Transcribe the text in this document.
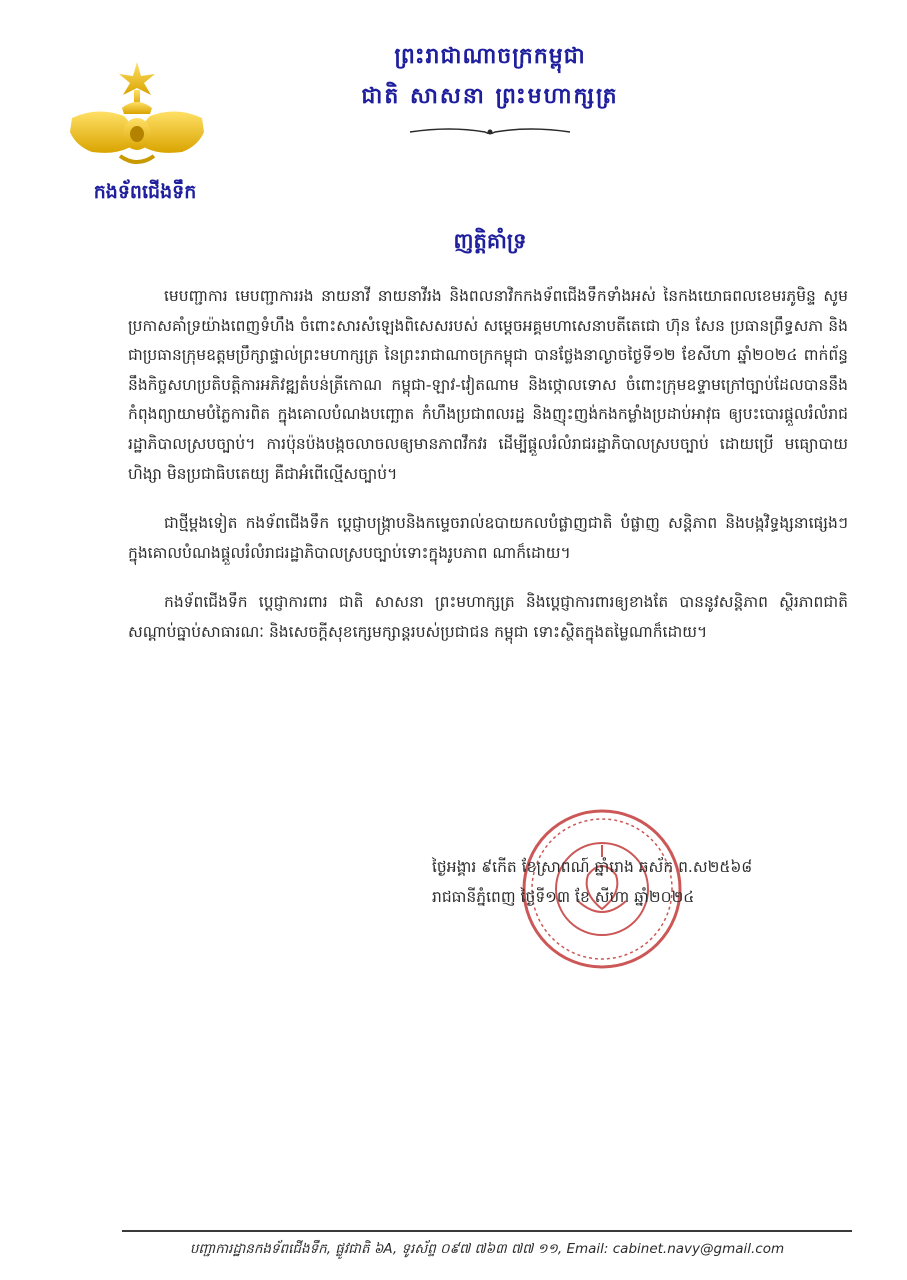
កងទ័ពជើងទឹក
ព្រះរាជាណាចក្រកម្ពុជា
ជាតិ សាសនា ព្រះមហាក្សត្រ
ញត្តិគាំទ្រ

មេបញ្ជាការ មេបញ្ជាការរង នាយនាវី នាយនាវីរង និងពលនាវិកកងទ័ពជើងទឹកទាំងអស់ នៃកងយោធពលខេមរភូមិន្ទ សូមប្រកាសគាំទ្រយ៉ាងពេញទំហឹង ចំពោះសារសំឡេងពិសេសរបស់ សម្តេចអគ្គមហាសេនាបតីតេជោ ហ៊ុន សែន ប្រធានព្រឹទ្ធសភា និងជាប្រធានក្រុមឧត្តមប្រឹក្សាផ្ទាល់ព្រះមហាក្សត្រ នៃព្រះរាជាណាចក្រកម្ពុជា បានថ្លែងនាល្ងាចថ្ងៃទី១២ ខែសីហា ឆ្នាំ២០២៤ ពាក់ព័ន្ធនឹងកិច្ចសហប្រតិបត្តិការអភិវឌ្ឍតំបន់ត្រីកោណ កម្ពុជា-ឡាវ-វៀតណាម និងថ្កោលទោស ចំពោះក្រុមឧទ្ទាមក្រៅច្បាប់ដែលបាននឹងកំពុងព្យាយាមបំភ្លៃការពិត ក្នុងគោលបំណងបញ្ឆោត កំហឹងប្រជាពលរដ្ឋ និងញុះញង់កងកម្លាំងប្រដាប់អាវុធ ឲ្យបះបោរផ្តួលរំលំរាជរដ្ឋាភិបាលស្របច្បាប់។ ការប៉ុនប៉ងបង្កចលាចលឲ្យមានភាពវឹកវរ ដើម្បីផ្តួលរំលំរាជរដ្ឋាភិបាលស្របច្បាប់ ដោយប្រើ មធ្យោបាយហិង្សា មិនប្រជាធិបតេយ្យ គឺជាអំពើល្មើសច្បាប់។

ជាថ្មីម្តងទៀត កងទ័ពជើងទឹក ប្តេជ្ញាបង្ក្រាបនិងកម្ទេចរាល់ឧបាយកលបំផ្លាញជាតិ បំផ្លាញ សន្តិភាព និងបង្កវិទ្ធង្សនាផ្សេងៗ ក្នុងគោលបំណងផ្តួលរំលំរាជរដ្ឋាភិបាលស្របច្បាប់ទោះក្នុងរូបភាព ណាក៏ដោយ។

កងទ័ពជើងទឹក ប្តេជ្ញាការពារ ជាតិ សាសនា ព្រះមហាក្សត្រ និងប្តេជ្ញាការពារឲ្យខាងតែ បាននូវសន្តិភាព ស្ថិរភាពជាតិ សណ្តាប់ធ្នាប់សាធារណៈ និងសេចក្តីសុខក្សេមក្សាន្តរបស់ប្រជាជន កម្ពុជា ទោះស្ថិតក្នុងតម្លៃណាក៏ដោយ។

ថ្ងៃអង្គារ ៩កើត ខែស្រាពណ៍ ឆ្នាំរោង ឆស័ក ព.ស២៥៦៨
រាជធានីភ្នំពេញ ថ្ងៃទី១៣ ខែ សីហា ឆ្នាំ២០២៤
បញ្ជាការដ្ឋានកងទ័ពជើងទឹក, ផ្លូវជាតិ ៦A, ទូរស័ព្ទ ០៩៧ ៧៦៣ ៧៧ ១១, Email: cabinet.navy@gmail.com
